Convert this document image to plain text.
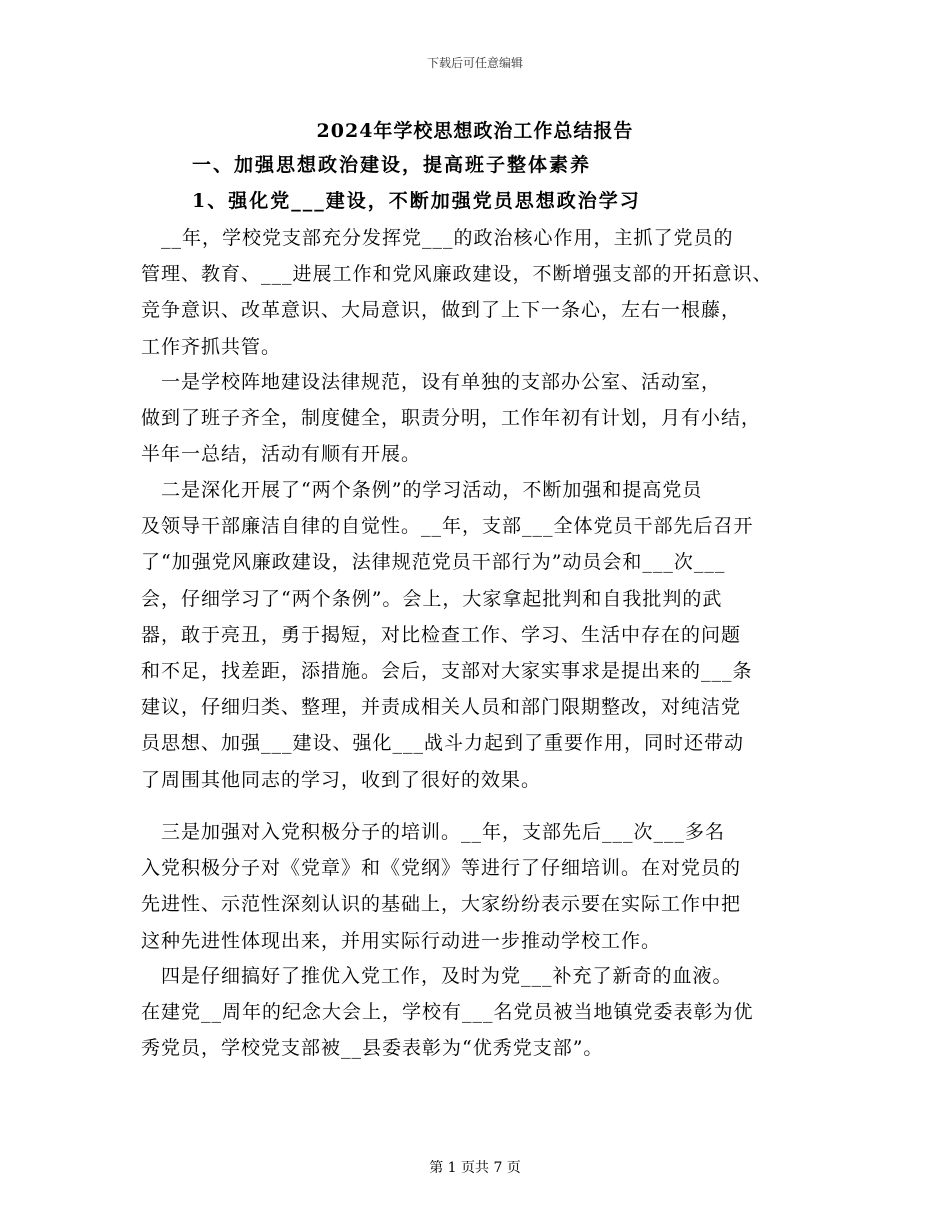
下载后可任意编辑
2024年学校思想政治工作总结报告
一、加强思想政治建设，提高班子整体素养
1、强化党___建设，不断加强党员思想政治学习
　__年，学校党支部充分发挥党___的政治核心作用，主抓了党员的
管理、教育、___进展工作和党风廉政建设，不断增强支部的开拓意识、
竞争意识、改革意识、大局意识，做到了上下一条心，左右一根藤，
工作齐抓共管。
　一是学校阵地建设法律规范，设有单独的支部办公室、活动室，
做到了班子齐全，制度健全，职责分明，工作年初有计划，月有小结，
半年一总结，活动有顺有开展。
　二是深化开展了“两个条例”的学习活动，不断加强和提高党员
及领导干部廉洁自律的自觉性。__年，支部___全体党员干部先后召开
了“加强党风廉政建设，法律规范党员干部行为”动员会和___次___
会，仔细学习了“两个条例”。会上，大家拿起批判和自我批判的武
器，敢于亮丑，勇于揭短，对比检查工作、学习、生活中存在的问题
和不足，找差距，添措施。会后，支部对大家实事求是提出来的___条
建议，仔细归类、整理，并责成相关人员和部门限期整改，对纯洁党
员思想、加强___建设、强化___战斗力起到了重要作用，同时还带动
了周围其他同志的学习，收到了很好的效果。
　三是加强对入党积极分子的培训。__年，支部先后___次___多名
入党积极分子对《党章》和《党纲》等进行了仔细培训。在对党员的
先进性、示范性深刻认识的基础上，大家纷纷表示要在实际工作中把
这种先进性体现出来，并用实际行动进一步推动学校工作。
　四是仔细搞好了推优入党工作，及时为党___补充了新奇的血液。
在建党__周年的纪念大会上，学校有___名党员被当地镇党委表彰为优
秀党员，学校党支部被__县委表彰为“优秀党支部”。
第 1 页共 7 页
